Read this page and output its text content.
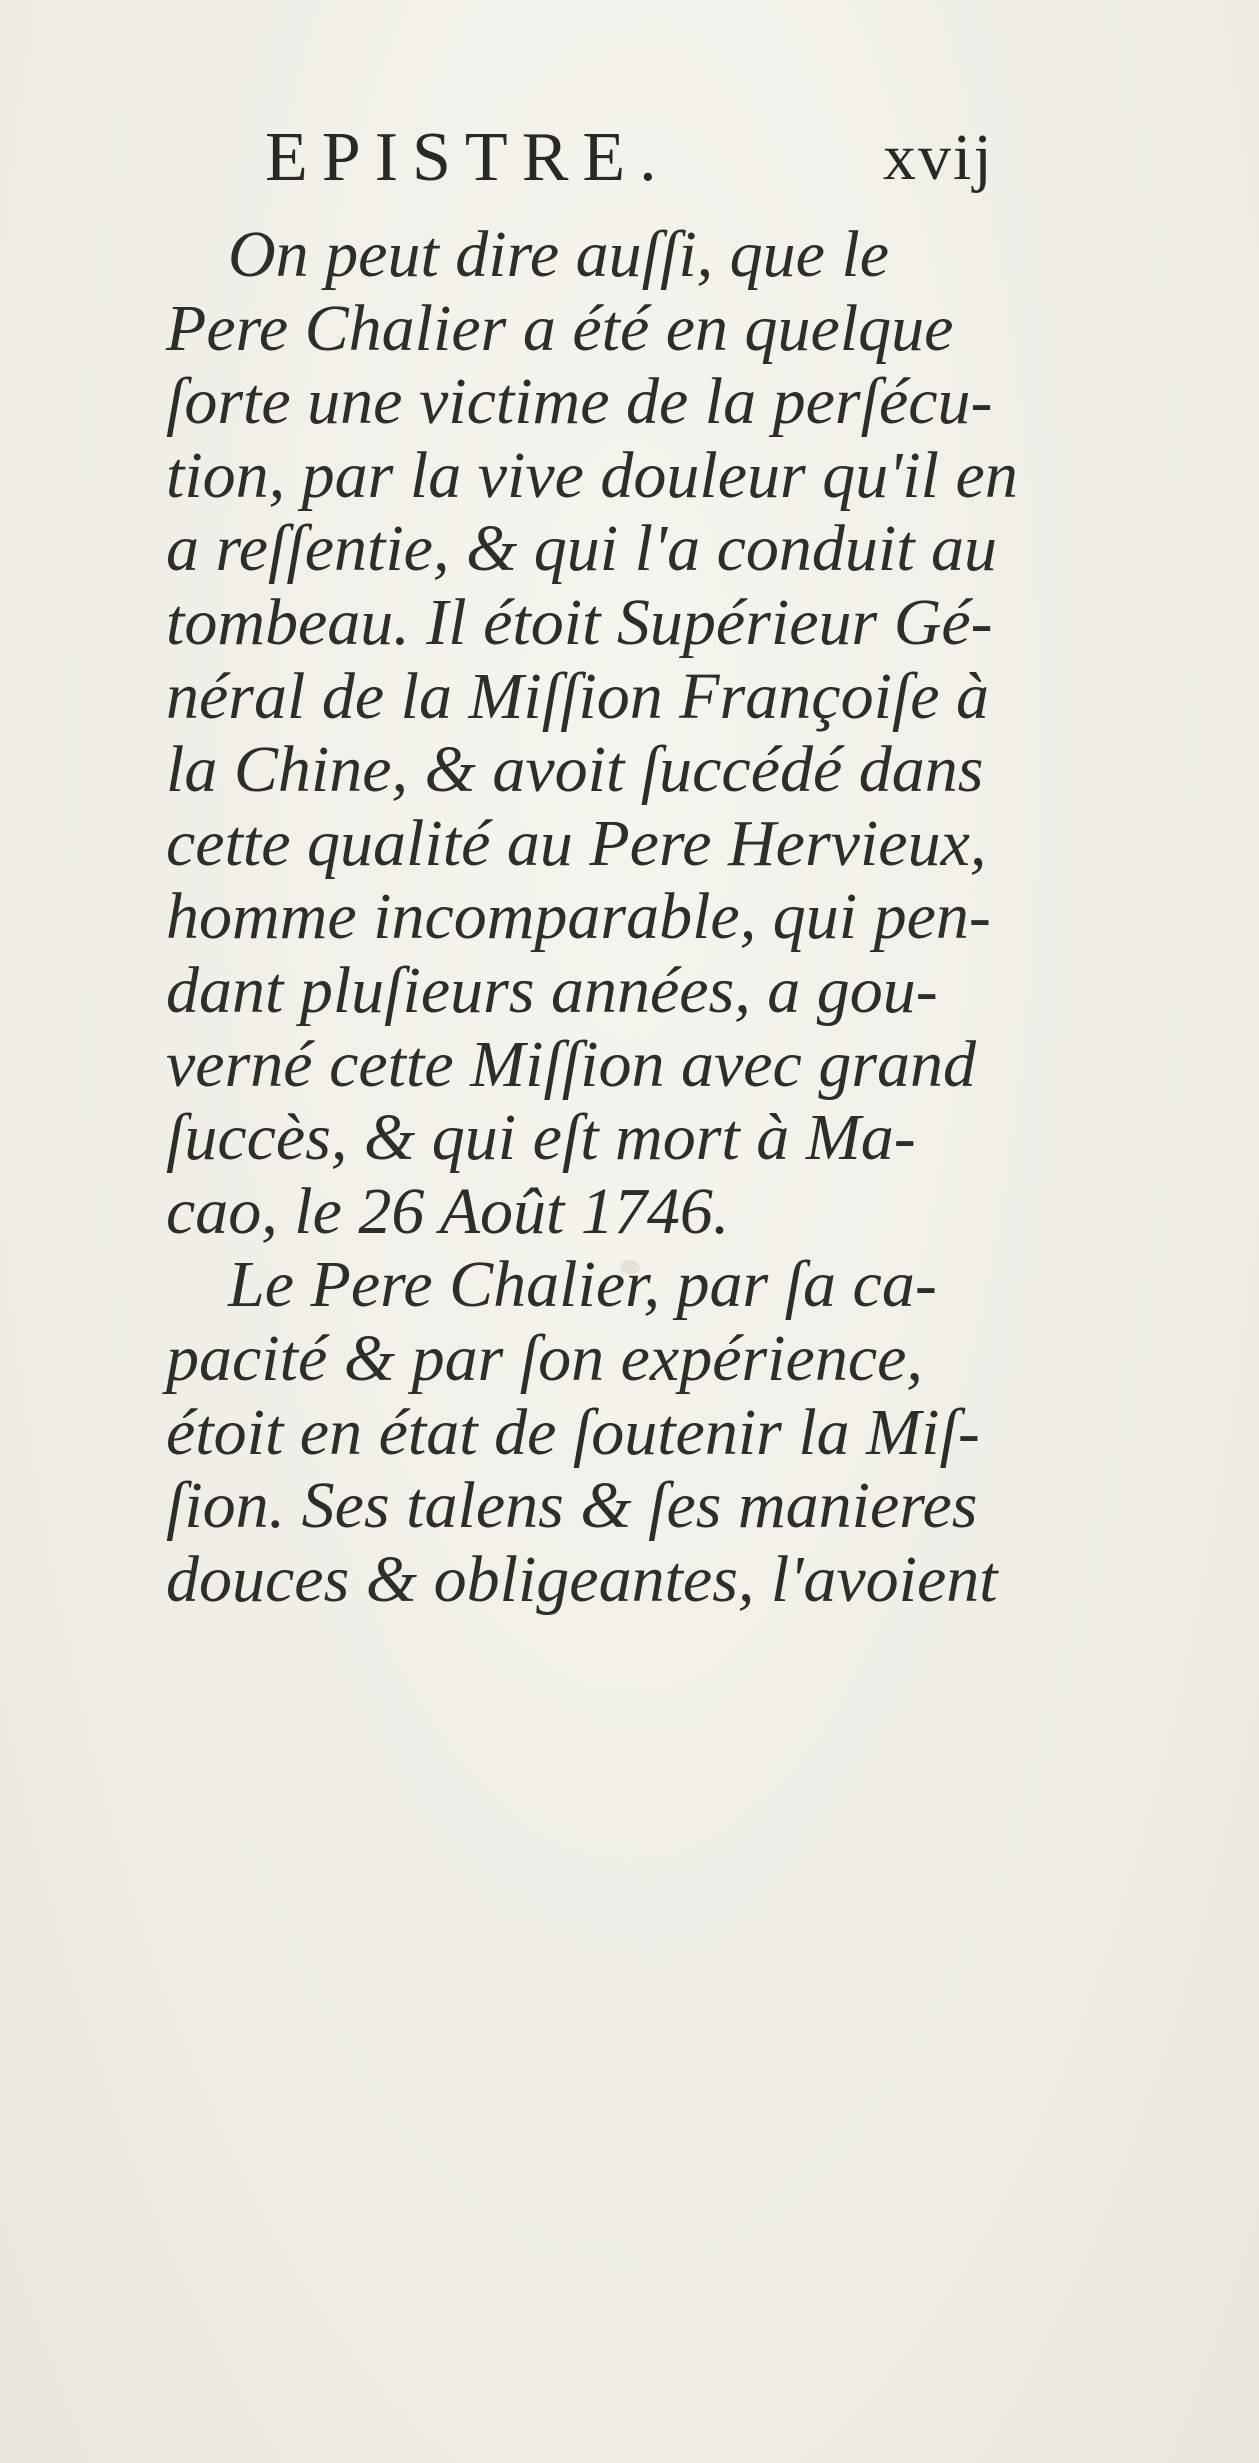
EPISTRE.	xvij
On peut dire auſſi, que le
Pere Chalier a été en quelque
ſorte une victime de la perſécu-
tion, par la vive douleur qu'il en
a reſſentie, & qui l'a conduit au
tombeau. Il étoit Supérieur Gé-
néral de la Miſſion Françoiſe à
la Chine, & avoit ſuccédé dans
cette qualité au Pere Hervieux,
homme incomparable, qui pen-
dant pluſieurs années, a gou-
verné cette Miſſion avec grand
ſuccès, & qui eſt mort à Ma-
cao, le 26 Août 1746.
Le Pere Chalier, par ſa ca-
pacité & par ſon expérience,
étoit en état de ſoutenir la Miſ-
ſion. Ses talens & ſes manieres
douces & obligeantes, l'avoient
